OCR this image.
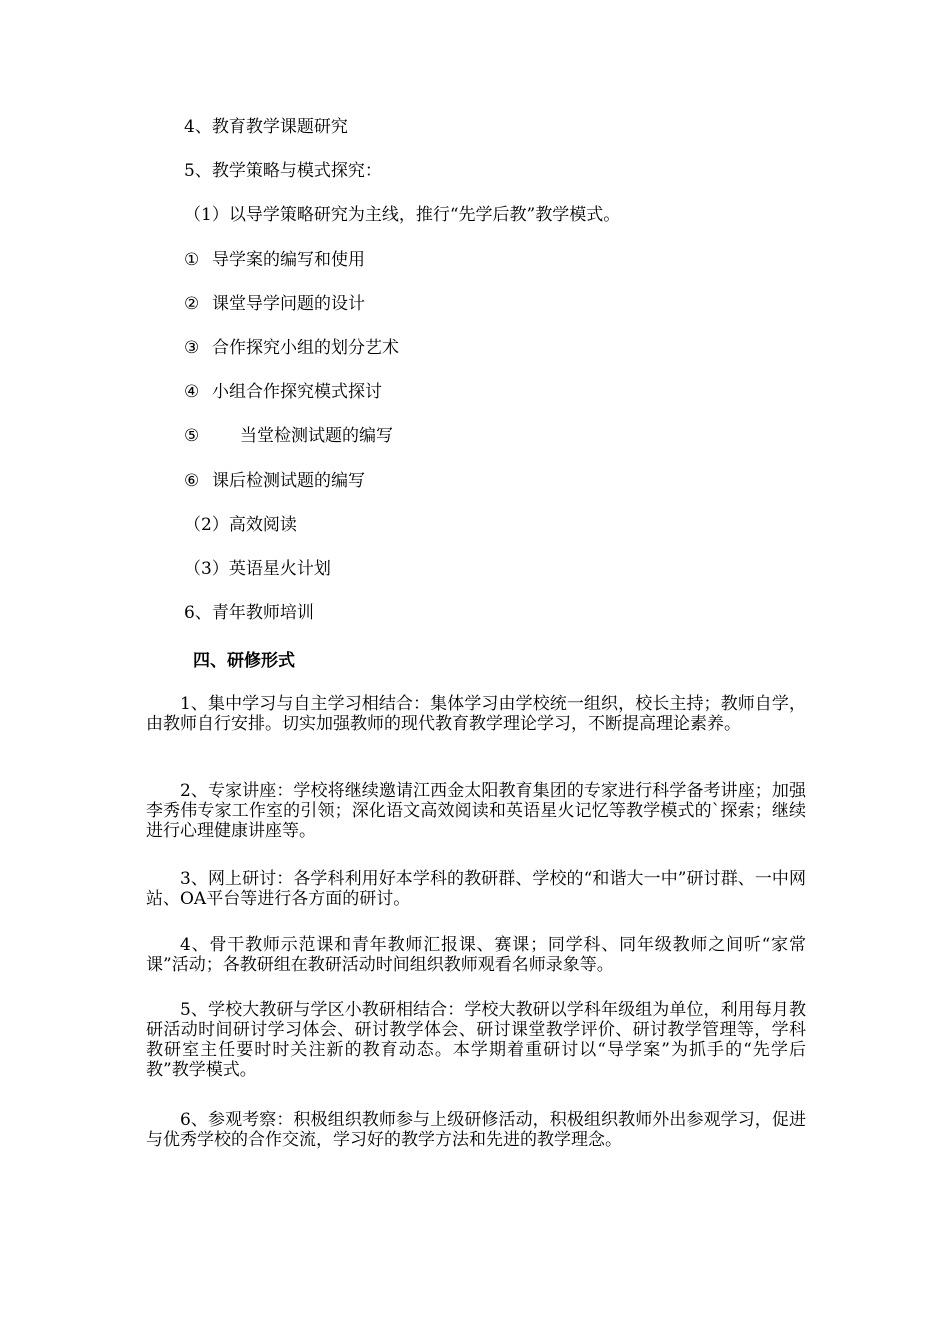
4、教育教学课题研究
5、教学策略与模式探究：
（1）以导学策略研究为主线，推行“先学后教”教学模式。
① 导学案的编写和使用
② 课堂导学问题的设计
③ 合作探究小组的划分艺术
④ 小组合作探究模式探讨
⑤ 当堂检测试题的编写
⑥ 课后检测试题的编写
（2）高效阅读
（3）英语星火计划
6、青年教师培训
四、研修形式
1、集中学习与自主学习相结合：集体学习由学校统一组织，校长主持；教师自学，由教师自行安排。切实加强教师的现代教育教学理论学习，不断提高理论素养。
2、专家讲座：学校将继续邀请江西金太阳教育集团的专家进行科学备考讲座；加强李秀伟专家工作室的引领；深化语文高效阅读和英语星火记忆等教学模式的`探索；继续进行心理健康讲座等。
3、网上研讨：各学科利用好本学科的教研群、学校的“和谐大一中”研讨群、一中网站、OA平台等进行各方面的研讨。
4、骨干教师示范课和青年教师汇报课、赛课；同学科、同年级教师之间听“家常课”活动；各教研组在教研活动时间组织教师观看名师录象等。
5、学校大教研与学区小教研相结合：学校大教研以学科年级组为单位，利用每月教研活动时间研讨学习体会、研讨教学体会、研讨课堂教学评价、研讨教学管理等，学科教研室主任要时时关注新的教育动态。本学期着重研讨以“导学案”为抓手的“先学后教”教学模式。
6、参观考察：积极组织教师参与上级研修活动，积极组织教师外出参观学习，促进与优秀学校的合作交流，学习好的教学方法和先进的教学理念。
